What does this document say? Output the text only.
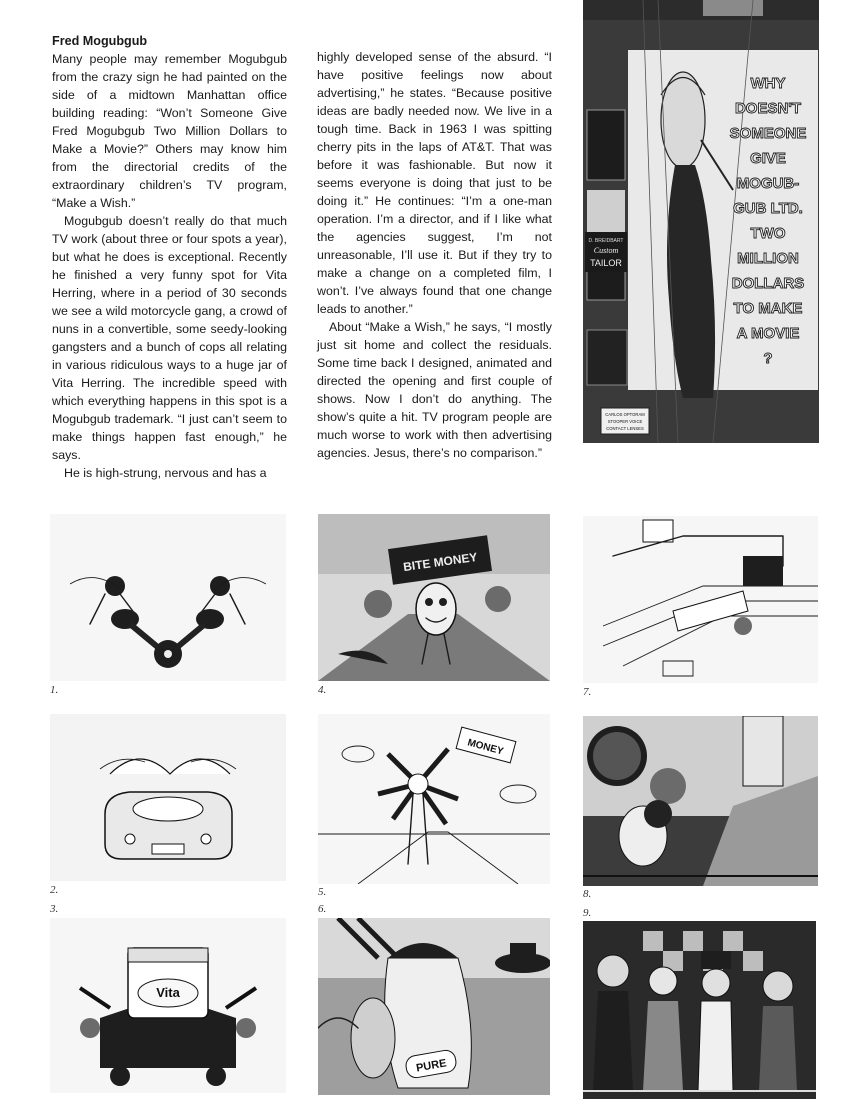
Fred Mogubgub

Many people may remember Mogubgub from the crazy sign he had painted on the side of a midtown Manhattan office building reading: “Won’t Someone Give Fred Mogubgub Two Million Dollars to Make a Movie?” Others may know him from the directorial credits of the extraordinary children’s TV program, “Make a Wish.”

Mogubgub doesn’t really do that much TV work (about three or four spots a year), but what he does is exceptional. Recently he finished a very funny spot for Vita Herring, where in a period of 30 seconds we see a wild motorcycle gang, a crowd of nuns in a convertible, some seedy-looking gangsters and a bunch of cops all relating in various ridiculous ways to a huge jar of Vita Herring. The incredible speed with which everything happens in this spot is a Mogubgub trademark. “I just can’t seem to make things happen fast enough,” he says.

He is high-strung, nervous and has a

highly developed sense of the absurd. “I have positive feelings now about advertising,” he states. “Because positive ideas are badly needed now. We live in a tough time. Back in 1963 I was spitting cherry pits in the laps of AT&T. That was before it was fashionable. But now it seems everyone is doing that just to be doing it.” He continues: “I’m a one-man operation. I’m a director, and if I like what the agencies suggest, I’m not unreasonable, I’ll use it. But if they try to make a change on a completed film, I won’t. I’ve always found that one change leads to another.”

About “Make a Wish,” he says, “I mostly just sit home and collect the residuals. Some time back I designed, animated and directed the opening and first couple of shows. Now I don’t do anything. The show’s quite a hit. TV program people are much worse to work with then advertising agencies. Jesus, there’s no comparison.”

WHY
DOESN'T
SOMEONE
GIVE
MOGUB-
GUB LTD.
TWO
MILLION
DOLLARS
TO MAKE
A MOVIE
?
D. BREIDBART
Custom
TAILOR
CARLOS OPTORAM
STOOPER VOICE
CONTACT LENSES
1.
BITE MONEY
4.	7.
2.
MONEY
5.	8.
3.
Vita
6.
PURE
9.
